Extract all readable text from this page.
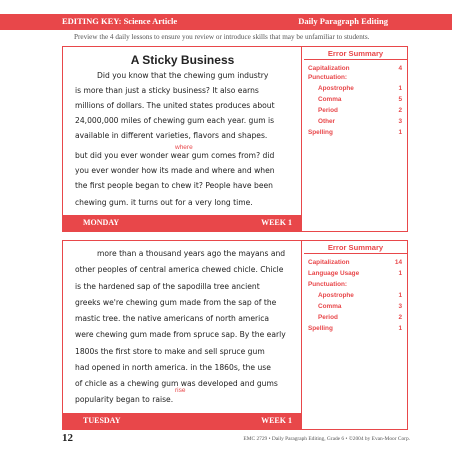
EDITING KEY: Science Article	Daily Paragraph Editing
Preview the 4 daily lessons to ensure you review or introduce skills that may be unfamiliar to students.
A Sticky Business
Did you know that the chewing gum industry
is more than just a sticky business? It also earns
millions of dollars. The united states produces about
24,000,000 miles of chewing gum each year. gum is
available in different varieties, flavors and shapes.
but did you ever wonder wear gum comes from? did
you ever wonder how its made and where and when
the first people began to chew it? People have been
chewing gum. it turns out for a very long time.
where
MONDAY	WEEK 1
Error Summary
Capitalization	4
Punctuation:
Apostrophe	1
Comma	5
Period	2
Other	3
Spelling	1
more than a thousand years ago the mayans and
other peoples of central america chewed chicle. Chicle
is the hardened sap of the sapodilla tree ancient
greeks we're chewing gum made from the sap of the
mastic tree. the native americans of north america
were chewing gum made from spruce sap. By the early
1800s the first store to make and sell spruce gum
had opened in north america. in the 1860s, the use
of chicle as a chewing gum was developed and gums
popularity began to raise.
rise
TUESDAY	WEEK 1
Error Summary
Capitalization	14
Language Usage	1
Punctuation:
Apostrophe	1
Comma	3
Period	2
Spelling	1
12	EMC 2729 • Daily Paragraph Editing, Grade 6 • ©2004 by Evan-Moor Corp.
